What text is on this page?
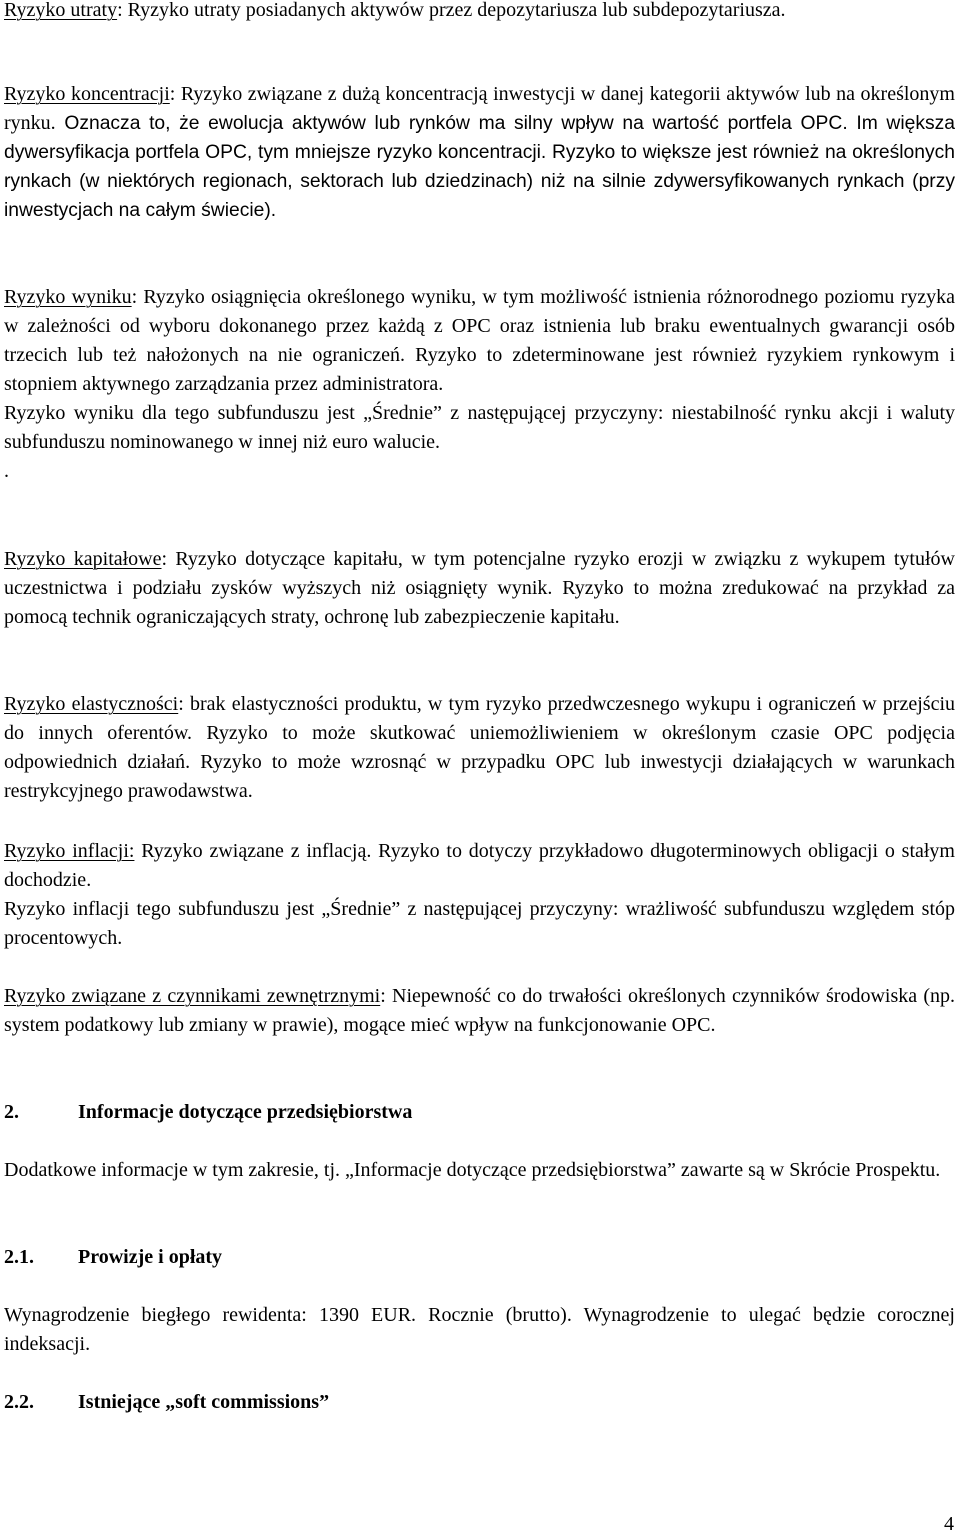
Ryzyko utraty: Ryzyko utraty posiadanych aktywów przez depozytariusza lub subdepozytariusza.

Ryzyko koncentracji: Ryzyko związane z dużą koncentracją inwestycji w danej kategorii aktywów lub na określonym rynku. Oznacza to, że ewolucja aktywów lub rynków ma silny wpływ na wartość portfela OPC. Im większa dywersyfikacja portfela OPC, tym mniejsze ryzyko koncentracji. Ryzyko to większe jest również na określonych rynkach (w niektórych regionach, sektorach lub dziedzinach) niż na silnie zdywersyfikowanych rynkach (przy inwestycjach na całym świecie).

Ryzyko wyniku: Ryzyko osiągnięcia określonego wyniku, w tym możliwość istnienia różnorodnego poziomu ryzyka w zależności od wyboru dokonanego przez każdą z OPC oraz istnienia lub braku ewentualnych gwarancji osób trzecich lub też nałożonych na nie ograniczeń. Ryzyko to zdeterminowane jest również ryzykiem rynkowym i stopniem aktywnego zarządzania przez administratora.

Ryzyko wyniku dla tego subfunduszu jest „Średnie” z następującej przyczyny: niestabilność rynku akcji i waluty subfunduszu nominowanego w innej niż euro walucie.

.

Ryzyko kapitałowe: Ryzyko dotyczące kapitału, w tym potencjalne ryzyko erozji w związku z wykupem tytułów uczestnictwa i podziału zysków wyższych niż osiągnięty wynik. Ryzyko to można zredukować na przykład za pomocą technik ograniczających straty, ochronę lub zabezpieczenie kapitału.

Ryzyko elastyczności: brak elastyczności produktu, w tym ryzyko przedwczesnego wykupu i ograniczeń w przejściu do innych oferentów. Ryzyko to może skutkować uniemożliwieniem w określonym czasie OPC podjęcia odpowiednich działań. Ryzyko to może wzrosnąć w przypadku OPC lub inwestycji działających w warunkach restrykcyjnego prawodawstwa.

Ryzyko inflacji: Ryzyko związane z inflacją. Ryzyko to dotyczy przykładowo długoterminowych obligacji o stałym dochodzie.

Ryzyko inflacji tego subfunduszu jest „Średnie” z następującej przyczyny: wrażliwość subfunduszu względem stóp procentowych.

Ryzyko związane z czynnikami zewnętrznymi: Niepewność co do trwałości określonych czynników środowiska (np. system podatkowy lub zmiany w prawie), mogące mieć wpływ na funkcjonowanie OPC.

2.	Informacje dotyczące przedsiębiorstwa

Dodatkowe informacje w tym zakresie, tj. „Informacje dotyczące przedsiębiorstwa” zawarte są w Skrócie Prospektu.

2.1. Prowizje i opłaty

Wynagrodzenie biegłego rewidenta: 1390 EUR. Rocznie (brutto). Wynagrodzenie to ulegać będzie corocznej indeksacji.

2.2. Istniejące „soft commissions”
4
